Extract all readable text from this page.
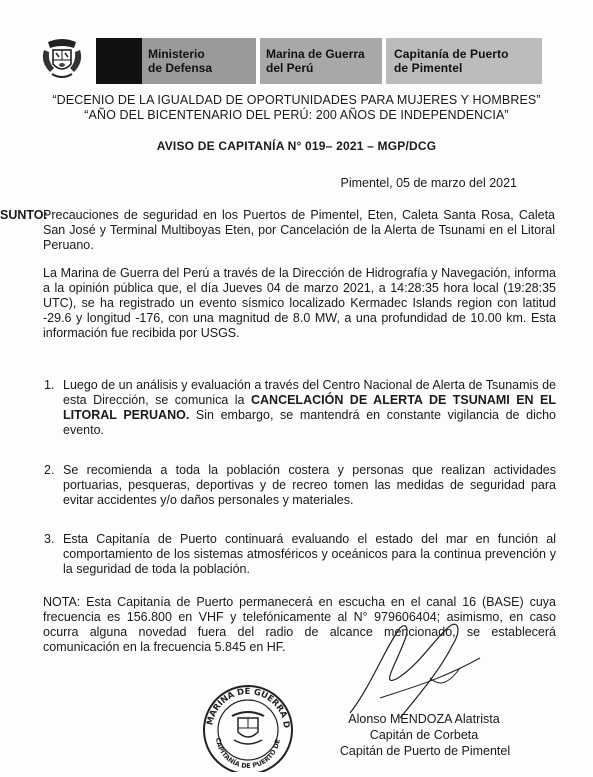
Ministerio
de Defensa
Marina de Guerra
del Perú
Capitanía de Puerto
de Pimentel
“DECENIO DE LA IGUALDAD DE OPORTUNIDADES PARA MUJERES Y HOMBRES”
“AÑO DEL BICENTENARIO DEL PERÚ: 200 AÑOS DE INDEPENDENCIA”
AVISO DE CAPITANÍA N° 019– 2021 – MGP/DCG
Pimentel, 05 de marzo del 2021
SUNTO:
Precauciones de seguridad en los Puertos de Pimentel, Eten, Caleta Santa Rosa, Caleta San José y Terminal Multiboyas Eten, por Cancelación de la Alerta de Tsunami en el Litoral Peruano.
La Marina de Guerra del Perú a través de la Dirección de Hidrografía y Navegación, informa a la opinión pública que, el día Jueves 04 de marzo 2021, a 14:28:35 hora local (19:28:35 UTC), se ha registrado un evento sísmico localizado Kermadec Islands region con latitud -29.6 y longitud -176, con una magnitud de 8.0 MW, a una profundidad de 10.00 km. Esta información fue recibida por USGS.
1. Luego de un análisis y evaluación a través del Centro Nacional de Alerta de Tsunamis de esta Dirección, se comunica la CANCELACIÓN DE ALERTA DE TSUNAMI EN EL LITORAL PERUANO. Sin embargo, se mantendrá en constante vigilancia de dicho evento.
2. Se recomienda a toda la población costera y personas que realizan actividades portuarias, pesqueras, deportivas y de recreo tomen las medidas de seguridad para evitar accidentes y/o daños personales y materiales.
3. Esta Capitanía de Puerto continuará evaluando el estado del mar en función al comportamiento de los sistemas atmosféricos y oceánicos para la continua prevención y la seguridad de toda la población.
NOTA: Esta Capitanía de Puerto permanecerá en escucha en el canal 16 (BASE) cuya frecuencia es 156.800 en VHF y telefónicamente al N° 979606404; asimismo, en caso ocurra alguna novedad fuera del radio de alcance mencionado, se establecerá comunicación en la frecuencia 5.845 en HF.
MARINA DE GUERRA D
CAPITANÍA DE PUERTO DE
Alonso MENDOZA Alatrista
Capitán de Corbeta
Capitán de Puerto de Pimentel
